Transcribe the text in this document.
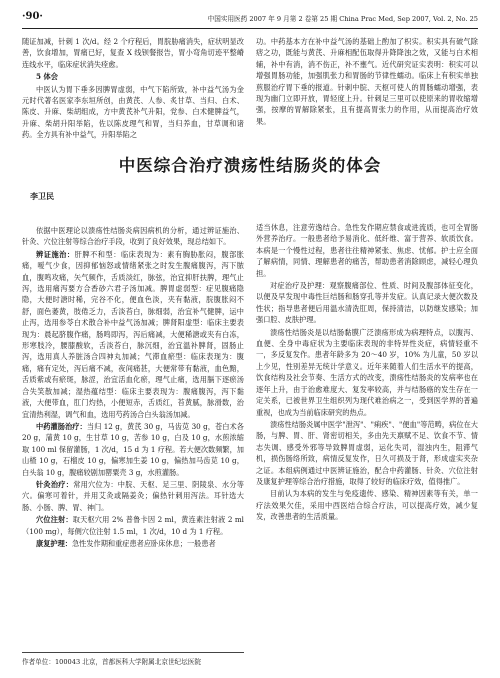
·90·	中国实用医药 2007 年 9 月第 2 卷第 25 期 China Prac Med, Sep 2007, Vol. 2, No. 25

随证加减，针刺 1 次/d。经 2 个疗程后，胃脘胁痛消失，症状明显改善，饮食增加，胃痛已好，复查 X 线钡餐报告，胃小弯角切迹平整嵴连线水平，临床症状消失痊愈。

5 体会

中医认为胃下垂多因脾胃虚弱，中气下陷所致，补中益气汤为金元时代著名医家李东垣所创，由黄芪、人参、炙甘草、当归、白术、陈皮、升麻、柴胡组成，方中黄芪补气升阳，党参、白术健脾益气，升麻、柴胡升阳举陷，佐以陈皮理气和胃，当归养血，甘草调和诸药。全方具有补中益气，升阳举陷之

功。中药基本方在补中益气汤的基础上酌加了枳实。积实具有破气除痞之功，既能与黄芪、升麻相配伍取得升降降浊之效，又能与白术相辅，补中有消，消不伤正，补不壅气。近代研究证实表明：积实可以增强胃肠功能，加强肌张力和胃肠的节律性蠕动。临床上有积实单独煎服治疗胃下垂的报道。针刺中脘、天枢可使人的胃肠蠕动增强，表现为幽门立即开放，胃轻度上升。针刺足三里可以使原来的胃收缩增强，按摩的胃解除紧张，且有提高胃张力的作用，从而提高治疗效果。

中医综合治疗溃疡性结肠炎的体会
李卫民

依据中医理论以溃疡性结肠炎病因病机的分析，通过辨证施治、针灸、穴位注射等综合治疗手段，收到了良好效果，现总结如下。

辨证施治：肝脾不和型：临床表现为：素有胸胁胀闷，腹部胀痛，嗳气少食，因抑郁恼怒或情绪紧张之时发生腹痛腹泻，泻下脓血，腹鸣攻痛，矢气频作，舌质淡红，脉弦，治宜抑肝扶脾，理气止泻，选用痛泻要方合香砂六君子汤加减。脾胃虚弱型：症见腹痛隐隐，大便时溏时稀，完谷不化，便血色淡，夹有黏液，脘腹胀闷不舒，面色萎黄，肢倦乏力，舌淡苔白，脉细弱，治宜补气健脾，运中止泻，选用参苓白术散合补中益气汤加减；脾肾阳虚型：临床主要表现为：晨起脐腹作痛，肠鸣即泻，泻后痛减，大便稀溏或夹有白冻，形寒肢冷，腰膝酸软，舌淡苔白，脉沉细，治宜温补脾肾，固肠止泻，选用真人养脏汤合四神丸加减；气滞血瘀型：临床表现为：腹痛，痛有定处，泻后痛不减，夜间痛甚，大便常带有黏液，血色黯，舌质紫或有瘀斑，脉涩，治宜活血化瘀，理气止痛，选用膈下逐瘀汤合失笑散加减；湿热蕴结型：临床主要表现为：腹痛腹泻，泻下黏液，大便带血，肛门灼热，小便短赤，舌质红，苔黄腻，脉滑数，治宜清热利湿，调气和血，选用芍药汤合白头翁汤加减。

中药灌肠治疗：当归 12 g，黄芪 30 g，马齿苋 30 g，苍白术各 20 g，蒲黄 10 g，生甘草 10 g，苦参 10 g，白及 10 g，水煎浓缩取 100 ml 保留灌肠，1 次/d，15 d 为 1 疗程。若大便次数频繁，加山楂 10 g，石榴皮 10 g，偏寒加生姜 10 g，偏热加马齿苋 10 g，白头翁 10 g，腹痛较剧加罂粟壳 3 g，水煎灌肠。

针灸治疗：常用穴位为：中脘、天枢、足三里、阴陵泉、水分等穴。偏寒可着针，并用艾灸或隔姜灸；偏热针刺用泻法。耳针选大肠、小肠、脾、胃、神门。

穴位注射：取天枢穴用 2% 普鲁卡因 2 ml，黄连素注射液 2 ml（100 mg），每侧穴位注射 1.5 ml，1 次/d，10 d 为 1 疗程。

康复护理：急性发作期和重症患者应卧床休息；一般患者

适当休息，注意劳逸结合。急性发作期应禁食或进流质，也可全胃肠外营养治疗。一般患者给予易消化、低纤维、富于营养、软质饮食。本病是一个慢性过程，患者往往精神紧张、焦虑、忧郁。护士应全面了解病情，同情、理解患者的痛苦，帮助患者消除顾虑，减轻心理负担。

对症治疗及护理：观察腹痛部位、性质、时间及腹部体征变化，以便及早发现中毒性巨结肠和肠穿孔等并发症。认真记录大便次数及性状；指导患者便后用温水清洗肛周，保持清洁，以防继发感染；加强口腔、皮肤护理。

溃疡性结肠炎是以结肠黏膜广泛溃疡形成为病理特点，以腹泻、血便、全身中毒症状为主要临床表现的非特异性炎症，病情轻重不一，多反复发作。患者年龄多为 20～40 岁，10% 为儿童，50 岁以上少见，性别差异无统计学意义。近年来随着人们生活水平的提高，饮食结构及社会节奏、生活方式的改变，溃疡性结肠炎的发病率也在逐年上升，由于治愈难度大、复发率较高，并与结肠癌的发生存在一定关系，已被世界卫生组织列为现代难治病之一，受到医学界的普遍重视，也成为当前临床研究的热点。

溃疡性结肠炎属中医学"泄泻"、"痢疾"、"便血"等范畴，病位在大肠，与脾、胃、肝、肾密切相关，多由先天禀赋不足、饮食不节、情志失调、感受外邪等导致脾胃虚弱，运化失司，湿浊内生，阻滞气机，损伤肠络所致，病情反复发作，日久可损及于肾，形成虚实夹杂之证。本组病例通过中医辨证施治，配合中药灌肠、针灸、穴位注射及康复护理等综合治疗措施，取得了较好的临床疗效，值得推广。

目前认为本病的发生与免疫遗传、感染、精神因素等有关，单一疗法效果欠佳，采用中西医结合综合疗法，可以提高疗效，减少复发，改善患者的生活质量。

作者单位：100043 北京，首都医科大学附属北京世纪坛医院
